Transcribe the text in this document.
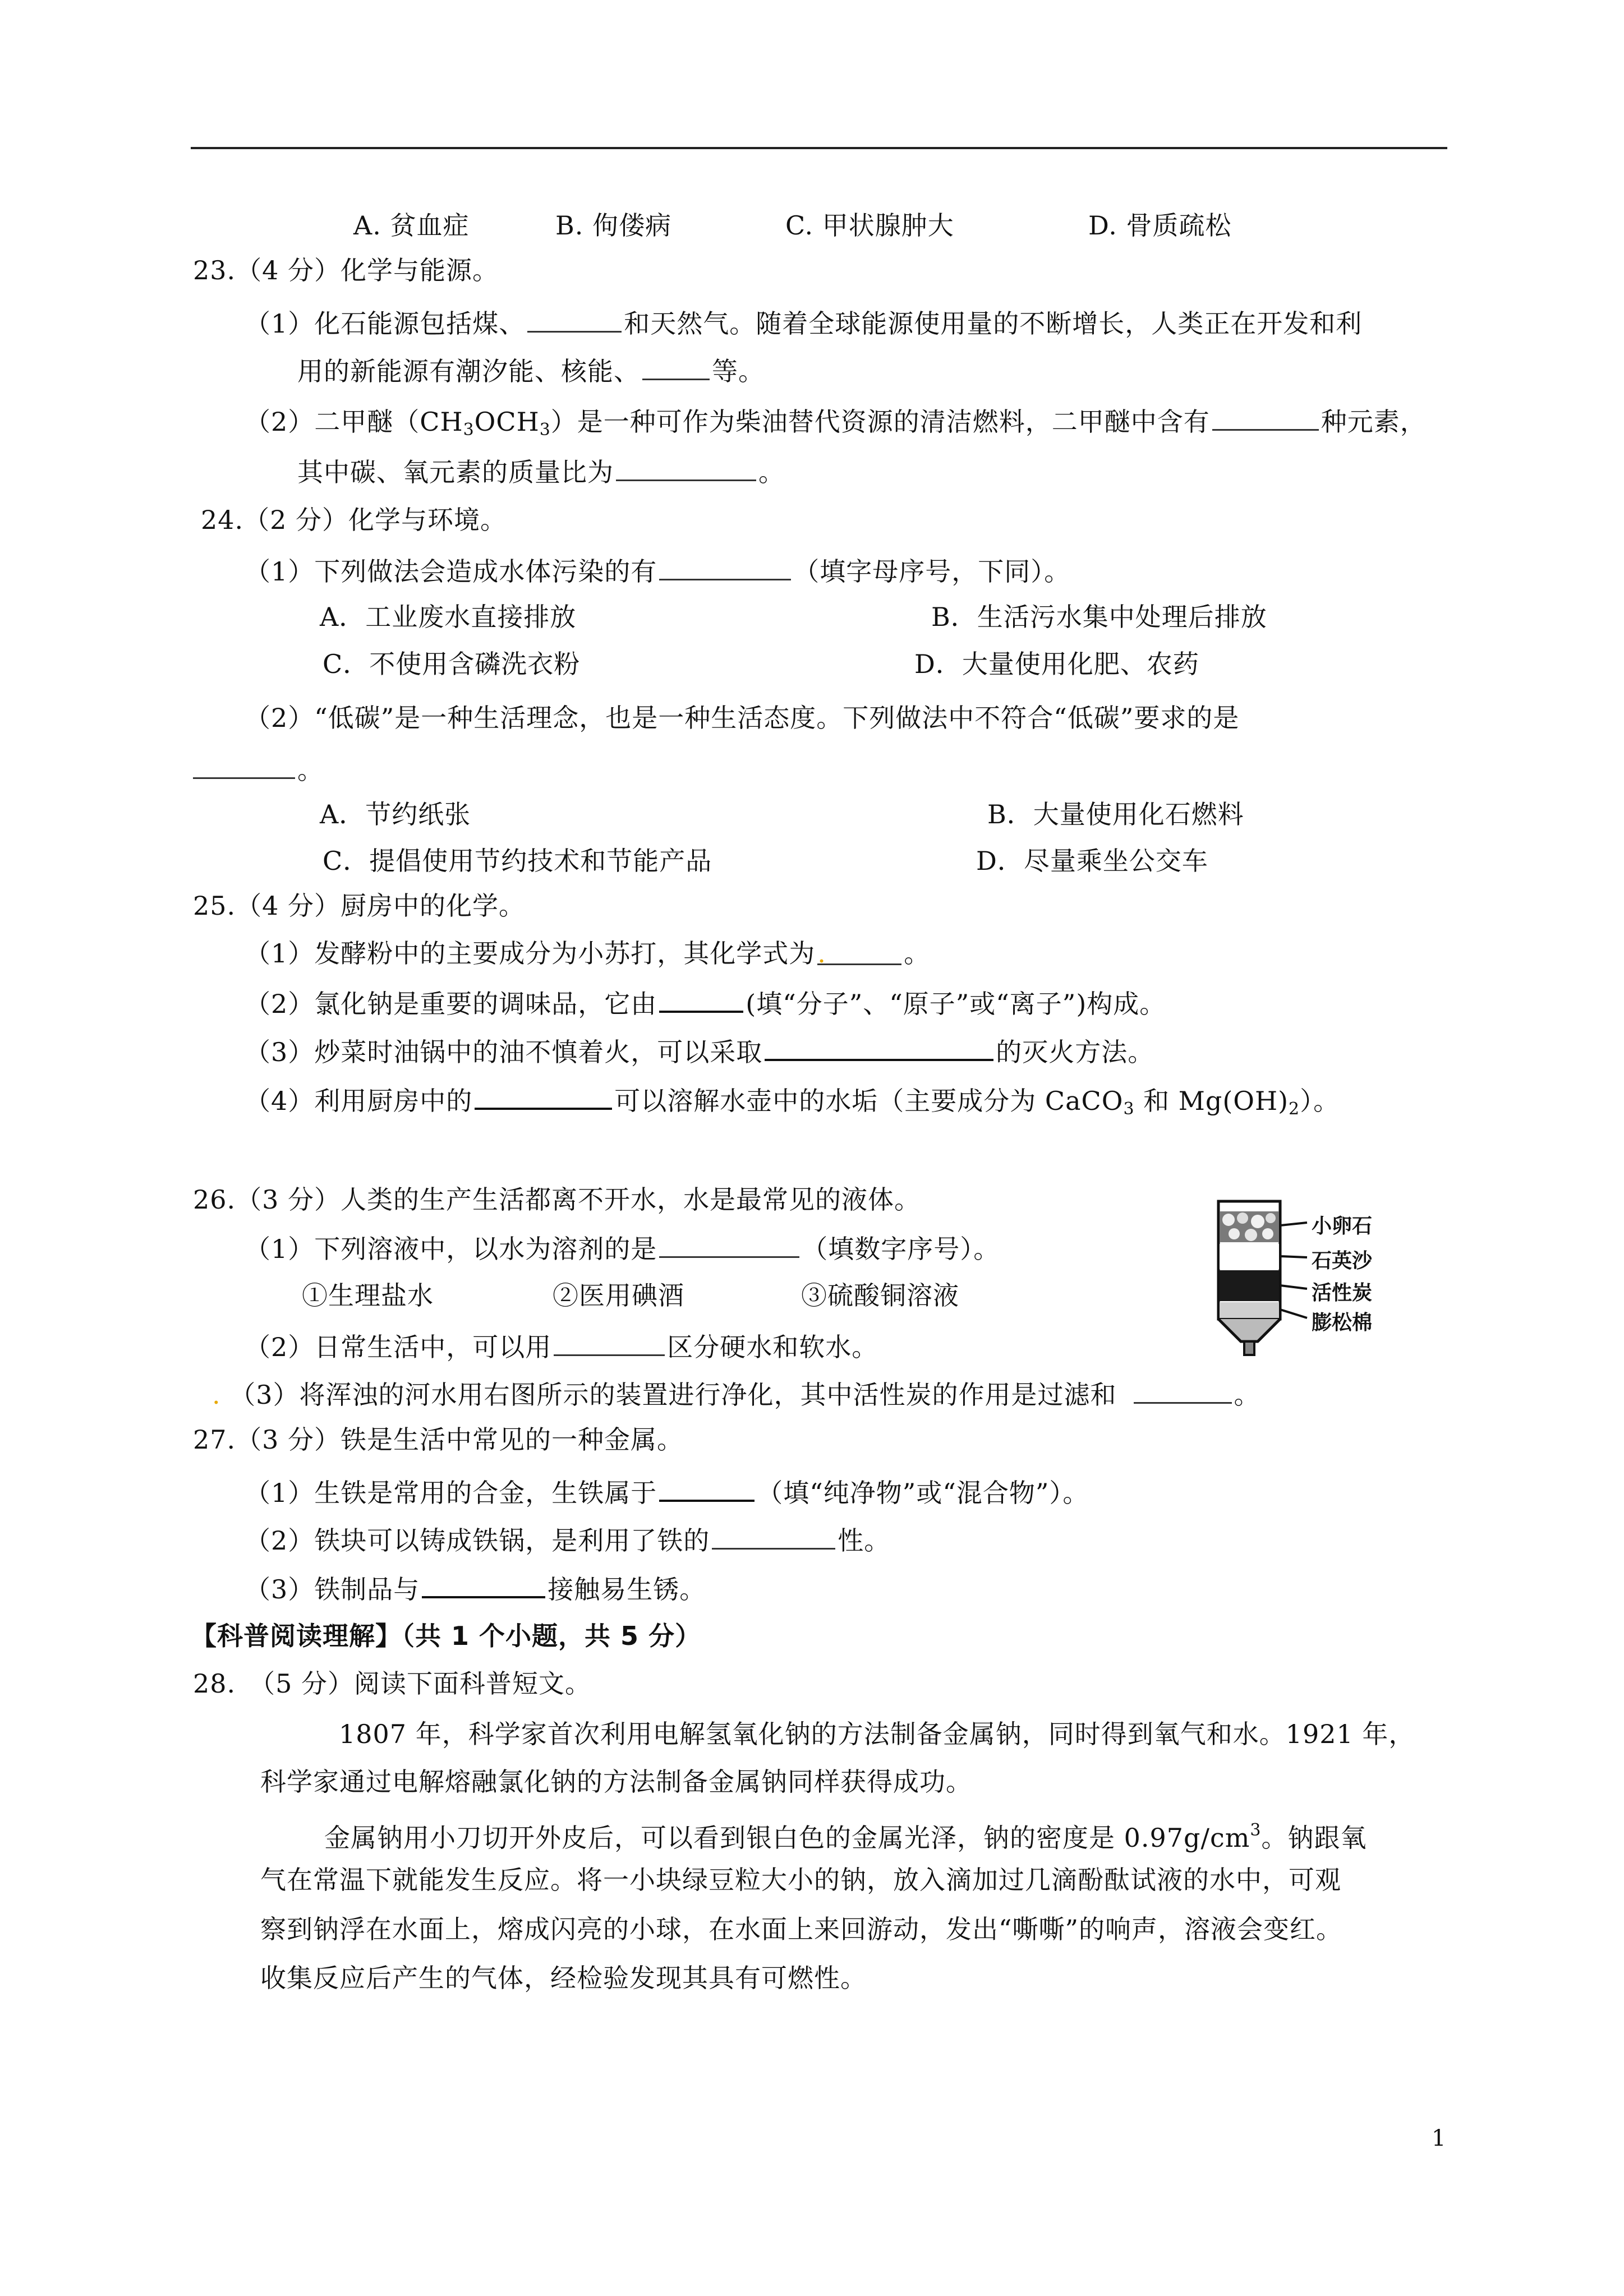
A. 贫血症	B. 佝偻病	C. 甲状腺肿大	D. 骨质疏松
23.（4 分）化学与能源。
（1）化石能源包括煤、	和天然气。随着全球能源使用量的不断增长，人类正在开发和利
用的新能源有潮汐能、核能、	等。
（2）二甲醚$(CH_3OCH_3)$是一种可作为柴油替代资源的清洁燃料，二甲醚中含有	种元素，
其中碳、氧元素的质量比为	。
24.（2 分）化学与环境。
（1）下列做法会造成水体污染的有	（填字母序号，下同）。
A．工业废水直接排放	B．生活污水集中处理后排放
C．不使用含磷洗衣粉	D．大量使用化肥、农药
（2）“低碳”是一种生活理念，也是一种生活态度。下列做法中不符合“低碳”要求的是
。
A．节约纸张	B．大量使用化石燃料
C．提倡使用节约技术和节能产品	D．尽量乘坐公交车
25.（4 分）厨房中的化学。
（1）发酵粉中的主要成分为小苏打，其化学式为.	。
（2）氯化钠是重要的调味品，它由	(填“分子”、“原子”或“离子”)构成。
（3）炒菜时油锅中的油不慎着火，可以采取	的灭火方法。
（4）利用厨房中的	可以溶解水壶中的水垢（主要成分为 CaCO$_3$ 和 $Mg(OH)_2$）。
26.（3 分）人类的生产生活都离不开水，水是最常见的液体。
（1）下列溶液中，以水为溶剂的是	（填数字序号）。
①生理盐水	②医用碘酒	③硫酸铜溶液
（2）日常生活中，可以用	区分硬水和软水。
. （3）将浑浊的河水用右图所示的装置进行净化，其中活性炭的作用是过滤和	。
小卵石
石英沙
活性炭
膨松棉
27.（3 分）铁是生活中常见的一种金属。
（1）生铁是常用的合金，生铁属于	（填“纯净物”或“混合物”）。
（2）铁块可以铸成铁锅，是利用了铁的	性。
（3）铁制品与	接触易生锈。
【科普阅读理解】（共 1 个小题，共 5 分）
28.　（5 分）阅读下面科普短文。
1807 年，科学家首次利用电解氢氧化钠的方法制备金属钠，同时得到氧气和水。1921 年，
科学家通过电解熔融氯化钠的方法制备金属钠同样获得成功。
金属钠用小刀切开外皮后，可以看到银白色的金属光泽，钠的密度是 $0.97g/cm^3$。钠跟氧
气在常温下就能发生反应。将一小块绿豆粒大小的钠，放入滴加过几滴酚酞试液的水中，可观
察到钠浮在水面上，熔成闪亮的小球，在水面上来回游动，发出“嘶嘶”的响声，溶液会变红。
收集反应后产生的气体，经检验发现其具有可燃性。
1
